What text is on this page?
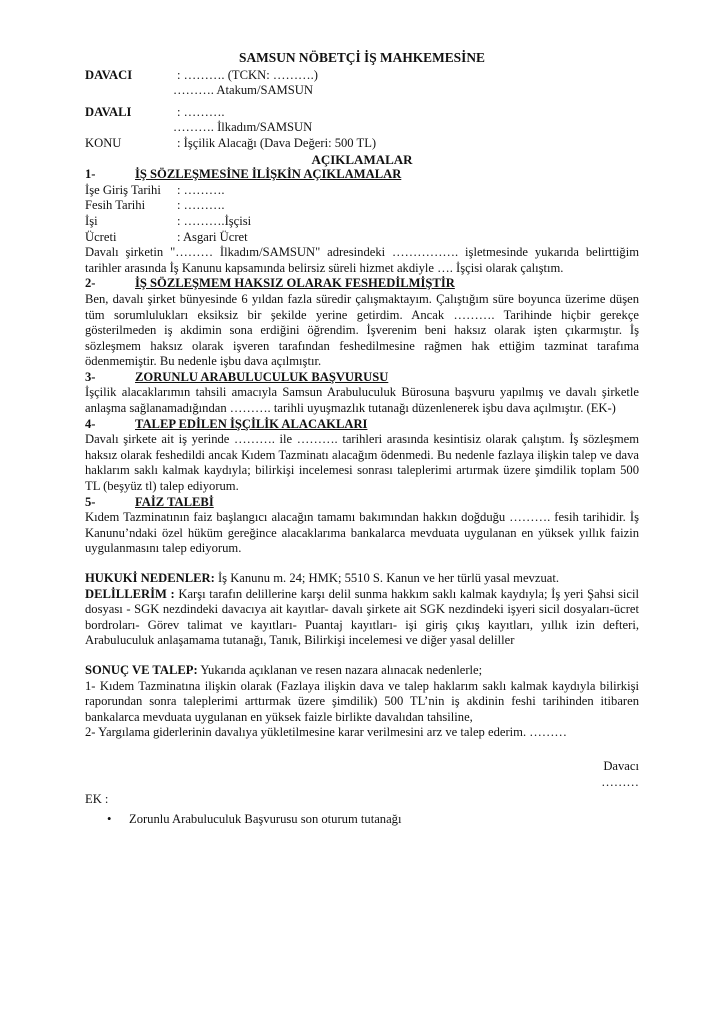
SAMSUN NÖBETÇİ İŞ MAHKEMESİNE
DAVACI	: ………. (TCKN: ……….)
………. Atakum/SAMSUN
DAVALI	: ……….
………. İlkadım/SAMSUN
KONU	: İşçilik Alacağı (Dava Değeri: 500 TL)
AÇIKLAMALAR
1-	İŞ SÖZLEŞMESİNE İLİŞKİN AÇIKLAMALAR
İşe Giriş Tarihi	: ……….
Fesih Tarihi	: ……….
İşi	: ……….İşçisi
Ücreti	: Asgari Ücret
Davalı şirketin "……… İlkadım/SAMSUN" adresindeki ……………. işletmesinde yukarıda belirttiğim tarihler arasında İş Kanunu kapsamında belirsiz süreli hizmet akdiyle …. İşçisi olarak çalıştım.
2-	İŞ SÖZLEŞMEM HAKSIZ OLARAK FESHEDİLMİŞTİR
Ben, davalı şirket bünyesinde 6 yıldan fazla süredir çalışmaktayım. Çalıştığım süre boyunca üzerime düşen tüm sorumlulukları eksiksiz bir şekilde yerine getirdim. Ancak ………. Tarihinde hiçbir gerekçe gösterilmeden iş akdimin sona erdiğini öğrendim. İşverenim beni haksız olarak işten çıkarmıştır. İş sözleşmem haksız olarak işveren tarafından feshedilmesine rağmen hak ettiğim tazminat tarafıma ödenmemiştir. Bu nedenle işbu dava açılmıştır.
3-	ZORUNLU ARABULUCULUK BAŞVURUSU
İşçilik alacaklarımın tahsili amacıyla Samsun Arabuluculuk Bürosuna başvuru yapılmış ve davalı şirketle anlaşma sağlanamadığından ………. tarihli uyuşmazlık tutanağı düzenlenerek işbu dava açılmıştır. (EK-)
4-	TALEP EDİLEN İŞÇİLİK ALACAKLARI
Davalı şirkete ait iş yerinde ………. ile ………. tarihleri arasında kesintisiz olarak çalıştım. İş sözleşmem haksız olarak feshedildi ancak Kıdem Tazminatı alacağım ödenmedi. Bu nedenle fazlaya ilişkin talep ve dava haklarım saklı kalmak kaydıyla; bilirkişi incelemesi sonrası taleplerimi artırmak üzere şimdilik toplam 500 TL (beşyüz tl) talep ediyorum.
5-	FAİZ TALEBİ
Kıdem Tazminatının faiz başlangıcı alacağın tamamı bakımından hakkın doğduğu ………. fesih tarihidir. İş Kanunu’ndaki özel hüküm gereğince alacaklarıma bankalarca mevduata uygulanan en yüksek yıllık faizin uygulanmasını talep ediyorum.
HUKUKİ NEDENLER: İş Kanunu m. 24; HMK; 5510 S. Kanun ve her türlü yasal mevzuat.
DELİLLERİM : Karşı tarafın delillerine karşı delil sunma hakkım saklı kalmak kaydıyla; İş yeri Şahsi sicil dosyası - SGK nezdindeki davacıya ait kayıtlar- davalı şirkete ait SGK nezdindeki işyeri sicil dosyaları-ücret bordroları- Görev talimat ve kayıtları- Puantaj kayıtları- işi giriş çıkış kayıtları, yıllık izin defteri, Arabuluculuk anlaşamama tutanağı, Tanık, Bilirkişi incelemesi ve diğer yasal deliller
SONUÇ VE TALEP: Yukarıda açıklanan ve resen nazara alınacak nedenlerle;
1- Kıdem Tazminatına ilişkin olarak (Fazlaya ilişkin dava ve talep haklarım saklı kalmak kaydıyla bilirkişi raporundan sonra taleplerimi arttırmak üzere şimdilik) 500 TL’nin iş akdinin feshi tarihinden itibaren bankalarca mevduata uygulanan en yüksek faizle birlikte davalıdan tahsiline,
2- Yargılama giderlerinin davalıya yükletilmesine karar verilmesini arz ve talep ederim. ………
Davacı
………
EK :
•	Zorunlu Arabuluculuk Başvurusu son oturum tutanağı
